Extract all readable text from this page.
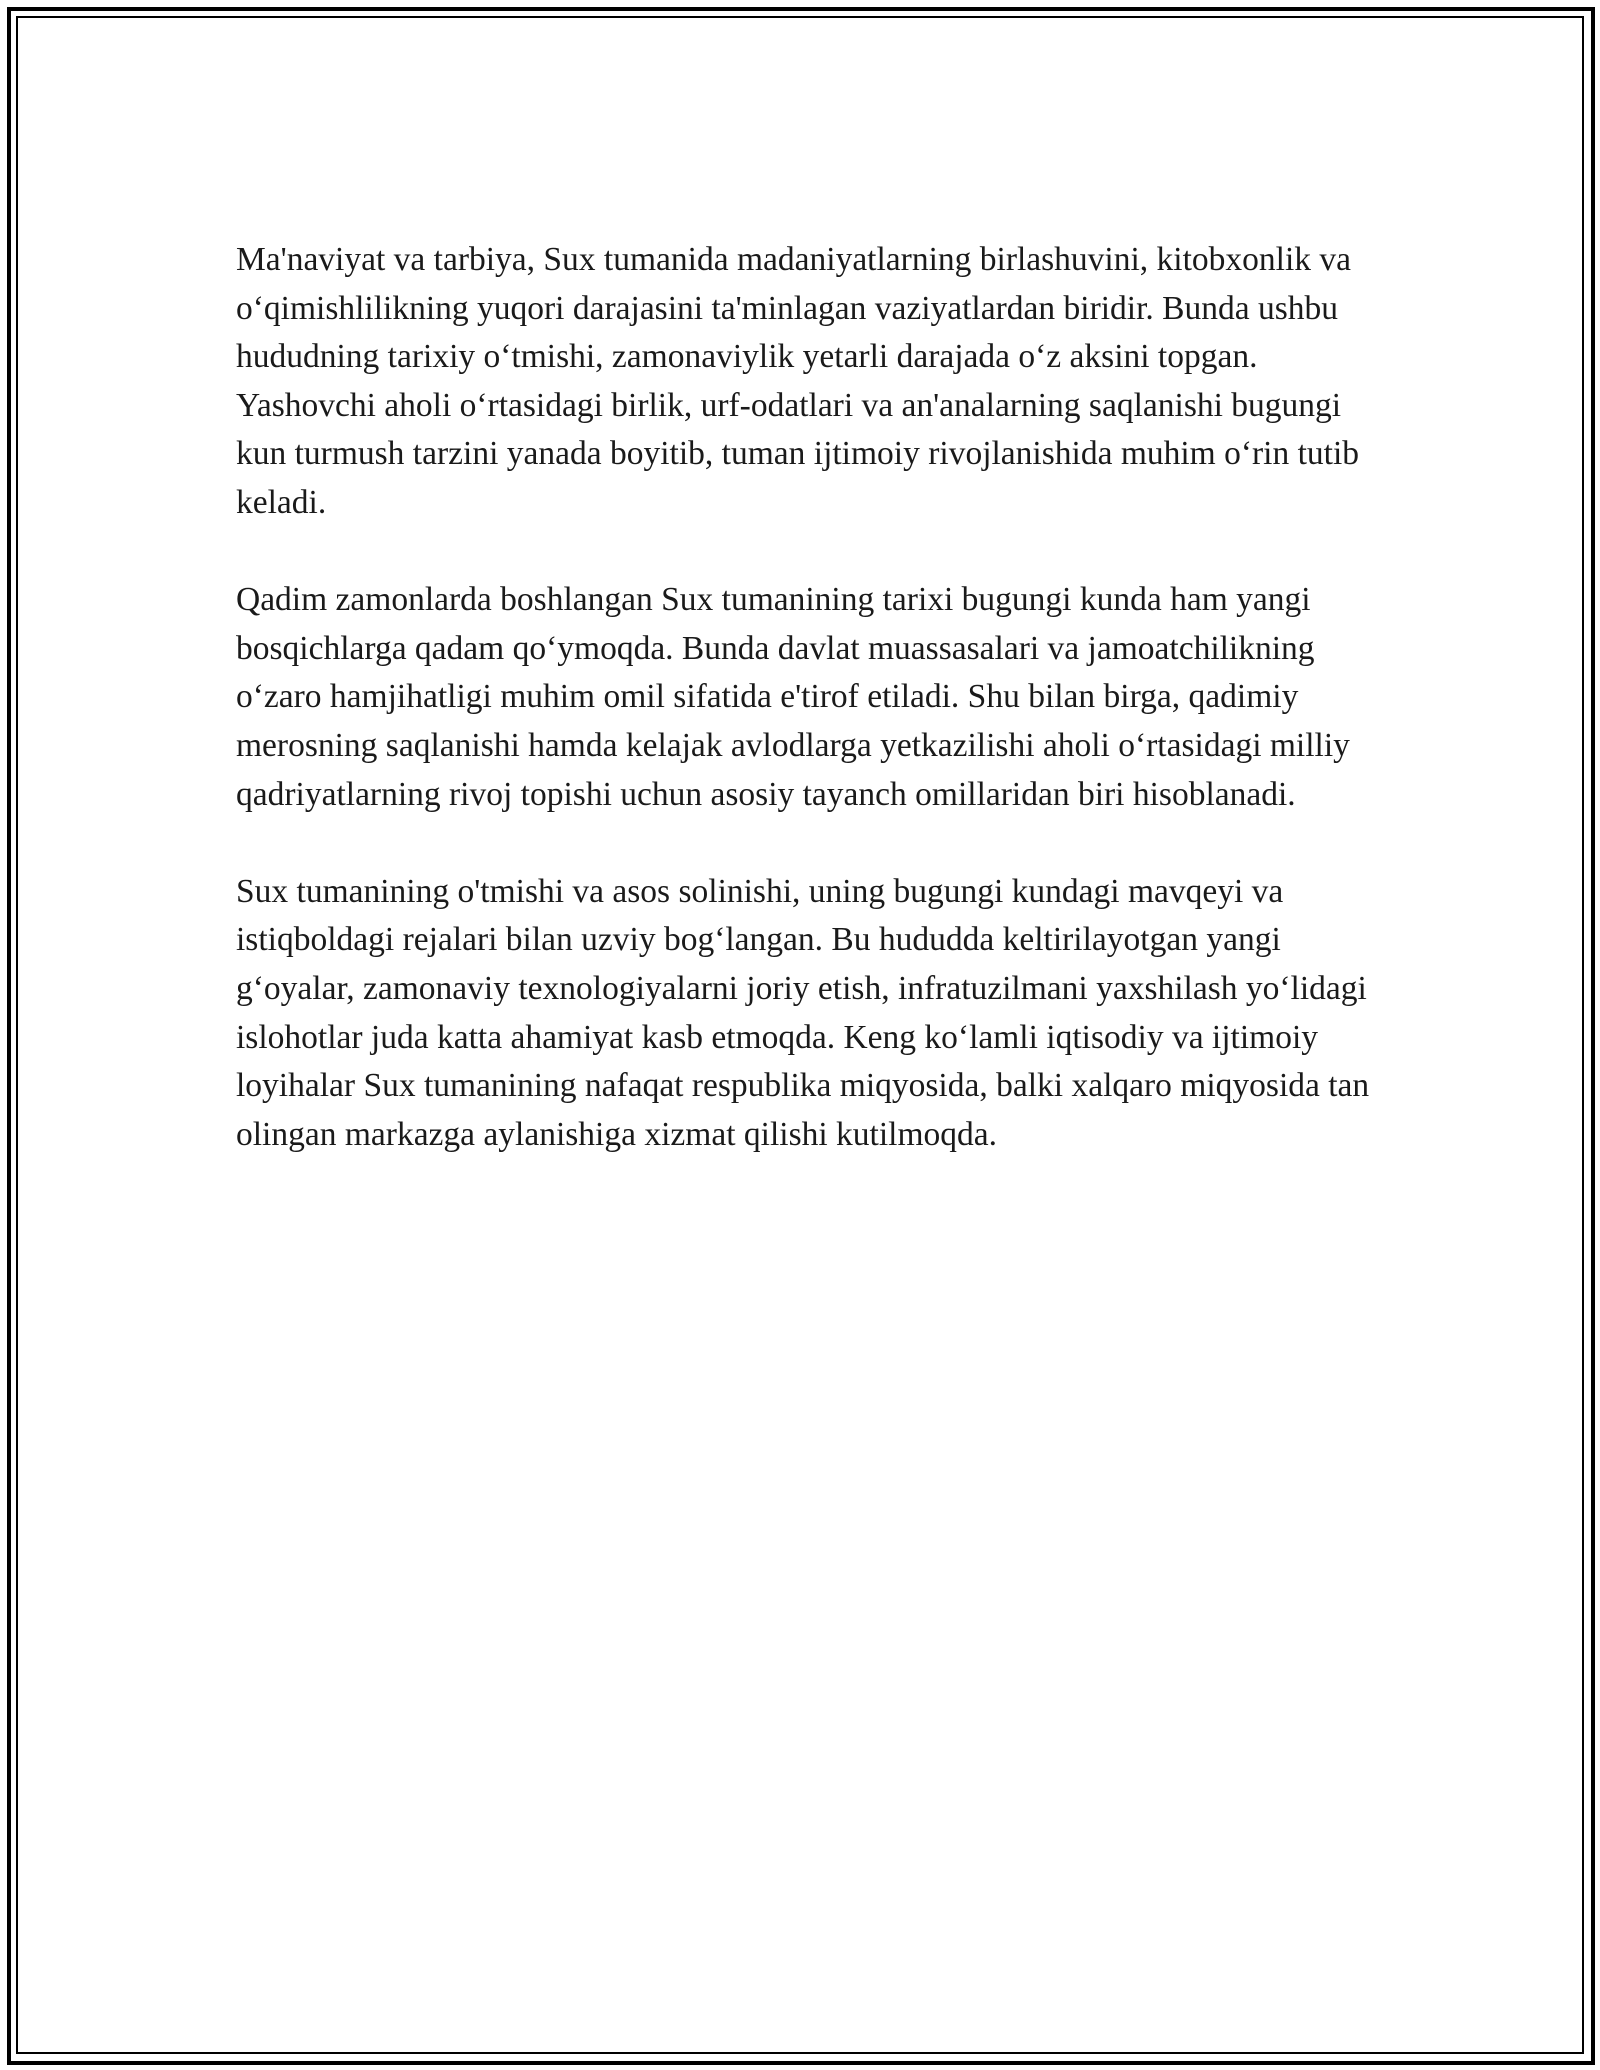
Ma'naviyat va tarbiya, Sux tumanida madaniyatlarning birlashuvini, kitobxonlik va o‘qimishlilikning yuqori darajasini ta'minlagan vaziyatlardan biridir. Bunda ushbu hududning tarixiy o‘tmishi, zamonaviylik yetarli darajada o‘z aksini topgan. Yashovchi aholi o‘rtasidagi birlik, urf-odatlari va an'analarning saqlanishi bugungi kun turmush tarzini yanada boyitib, tuman ijtimoiy rivojlanishida muhim o‘rin tutib keladi.

Qadim zamonlarda boshlangan Sux tumanining tarixi bugungi kunda ham yangi bosqichlarga qadam qo‘ymoqda. Bunda davlat muassasalari va jamoatchilikning o‘zaro hamjihatligi muhim omil sifatida e'tirof etiladi. Shu bilan birga, qadimiy merosning saqlanishi hamda kelajak avlodlarga yetkazilishi aholi o‘rtasidagi milliy qadriyatlarning rivoj topishi uchun asosiy tayanch omillaridan biri hisoblanadi.

Sux tumanining o'tmishi va asos solinishi, uning bugungi kundagi mavqeyi va istiqboldagi rejalari bilan uzviy bog‘langan. Bu hududda keltirilayotgan yangi g‘oyalar, zamonaviy texnologiyalarni joriy etish, infratuzilmani yaxshilash yo‘lidagi islohotlar juda katta ahamiyat kasb etmoqda. Keng ko‘lamli iqtisodiy va ijtimoiy loyihalar Sux tumanining nafaqat respublika miqyosida, balki xalqaro miqyosida tan olingan markazga aylanishiga xizmat qilishi kutilmoqda.
